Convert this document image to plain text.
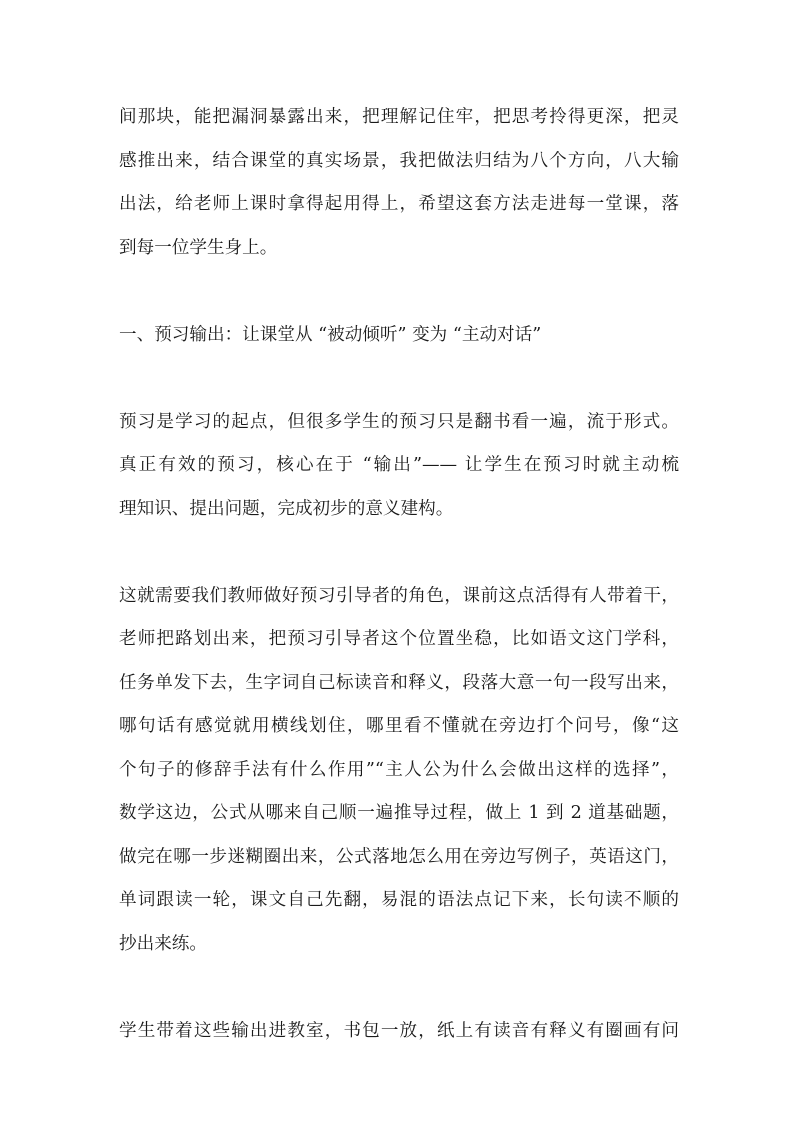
间那块，能把漏洞暴露出来，把理解记住牢，把思考拎得更深，把灵
感推出来，结合课堂的真实场景，我把做法归结为八个方向，八大输
出法，给老师上课时拿得起用得上，希望这套方法走进每一堂课，落
到每一位学生身上。
一、预习输出：让课堂从 “被动倾听” 变为 “主动对话”
预习是学习的起点，但很多学生的预习只是翻书看一遍，流于形式。
真正有效的预习，核心在于 “输出”—— 让学生在预习时就主动梳
理知识、提出问题，完成初步的意义建构。
这就需要我们教师做好预习引导者的角色，课前这点活得有人带着干，
老师把路划出来，把预习引导者这个位置坐稳，比如语文这门学科，
任务单发下去，生字词自己标读音和释义，段落大意一句一段写出来，
哪句话有感觉就用横线划住，哪里看不懂就在旁边打个问号，像“这
个句子的修辞手法有什么作用”“主人公为什么会做出这样的选择”，
数学这边，公式从哪来自己顺一遍推导过程，做上 1 到 2 道基础题，
做完在哪一步迷糊圈出来，公式落地怎么用在旁边写例子，英语这门，
单词跟读一轮，课文自己先翻，易混的语法点记下来，长句读不顺的
抄出来练。
学生带着这些输出进教室，书包一放，纸上有读音有释义有圈画有问
